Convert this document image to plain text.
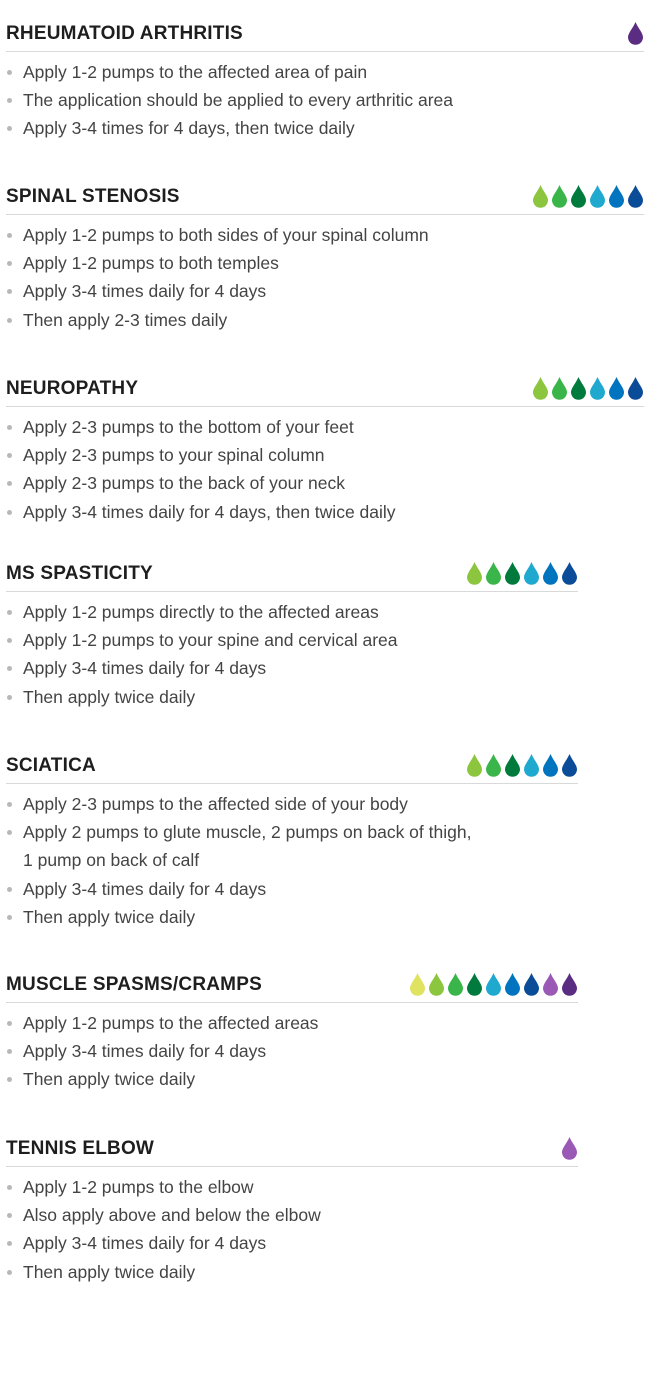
RHEUMATOID ARTHRITIS
Apply 1-2 pumps to the affected area of pain
The application should be applied to every arthritic area
Apply 3-4 times for 4 days, then twice daily
SPINAL STENOSIS
Apply 1-2 pumps to both sides of your spinal column
Apply 1-2 pumps to both temples
Apply 3-4 times daily for 4 days
Then apply 2-3 times daily
NEUROPATHY
Apply 2-3 pumps to the bottom of your feet
Apply 2-3 pumps to your spinal column
Apply 2-3 pumps to the back of your neck
Apply 3-4 times daily for 4 days, then twice daily
MS SPASTICITY
Apply 1-2 pumps directly to the affected areas
Apply 1-2 pumps to your spine and cervical area
Apply 3-4 times daily for 4 days
Then apply twice daily
SCIATICA
Apply 2-3 pumps to the affected side of your body
Apply 2 pumps to glute muscle, 2 pumps on back of thigh,
1 pump on back of calf
Apply 3-4 times daily for 4 days
Then apply twice daily
MUSCLE SPASMS/CRAMPS
Apply 1-2 pumps to the affected areas
Apply 3-4 times daily for 4 days
Then apply twice daily
TENNIS ELBOW
Apply 1-2 pumps to the elbow
Also apply above and below the elbow
Apply 3-4 times daily for 4 days
Then apply twice daily
